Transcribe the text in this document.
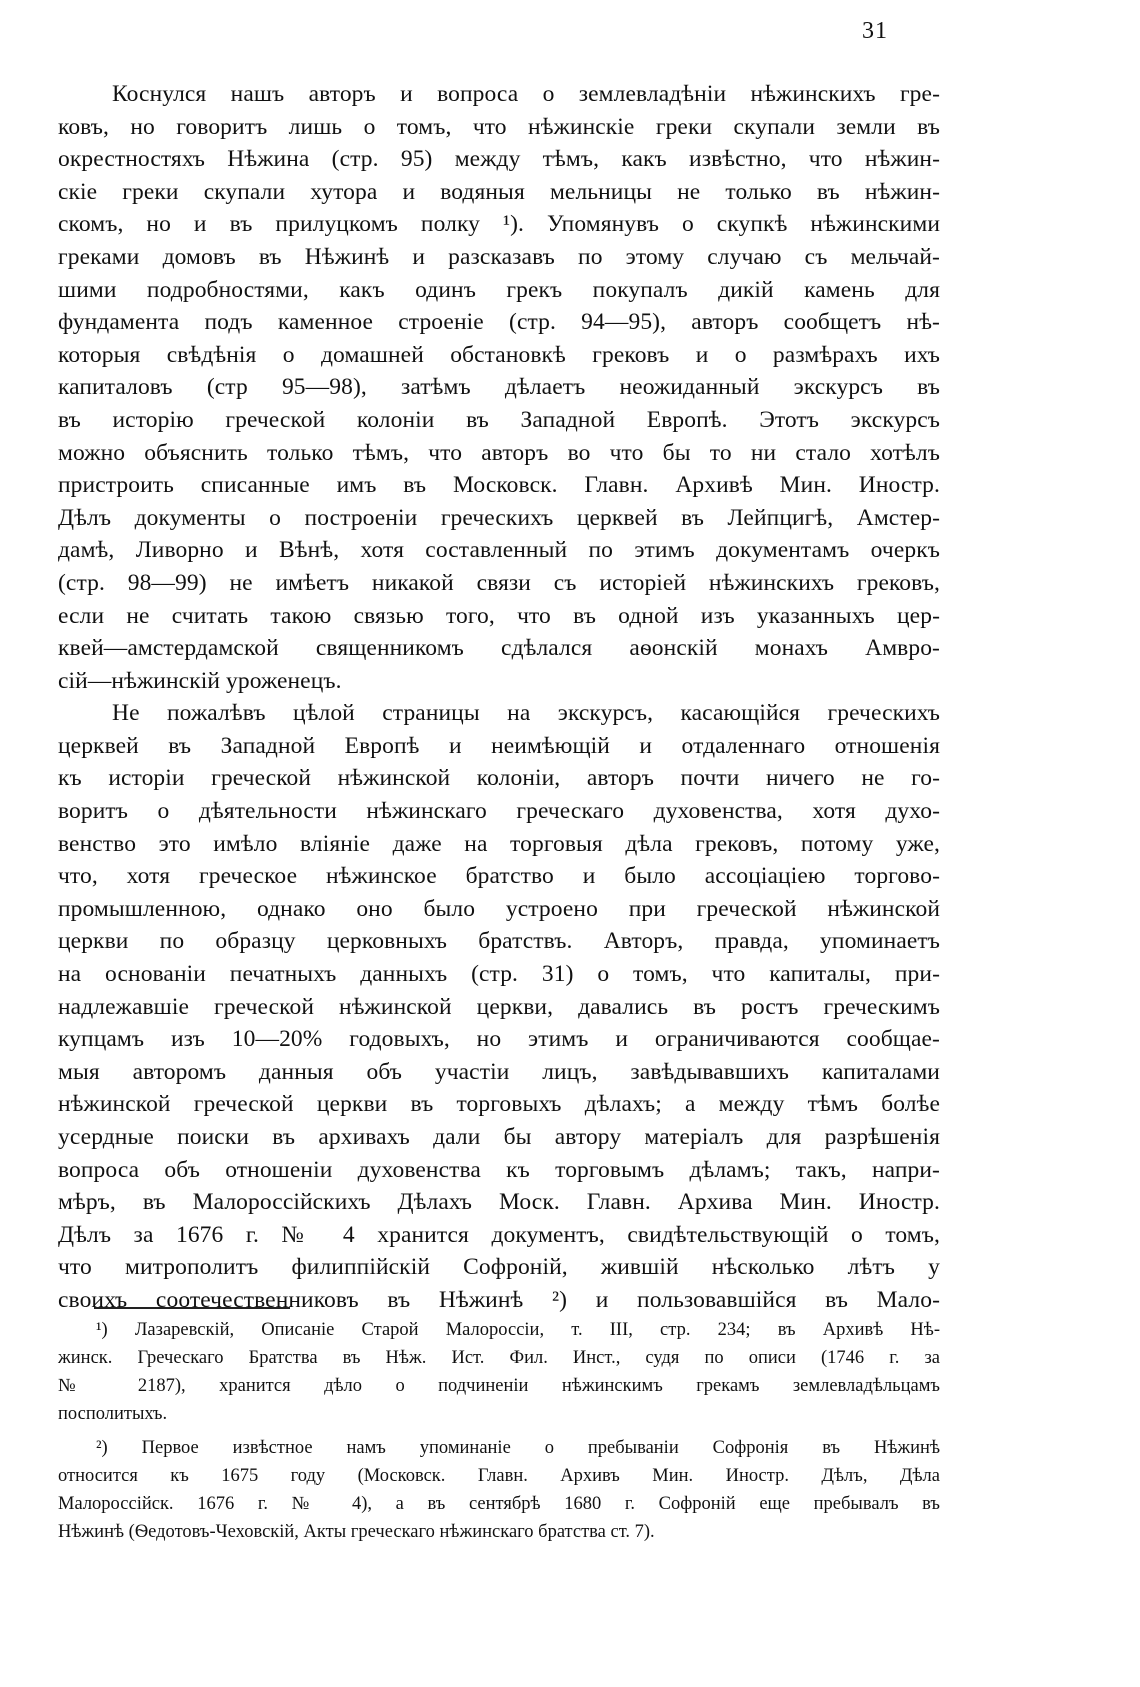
31
Коснулся нашъ авторъ и вопроса о землевладѣніи нѣжинскихъ гре-
ковъ, но говоритъ лишь о томъ, что нѣжинскіе греки скупали земли въ
окрестностяхъ Нѣжина (стр. 95) между тѣмъ, какъ извѣстно, что нѣжин-
скіе греки скупали хутора и водяныя мельницы не только въ нѣжин-
скомъ, но и въ прилуцкомъ полку ¹). Упомянувъ о скупкѣ нѣжинскими
греками домовъ въ Нѣжинѣ и разсказавъ по этому случаю съ мельчай-
шими подробностями, какъ одинъ грекъ покупалъ дикій камень для
фундамента подъ каменное строеніе (стр. 94—95), авторъ сообщетъ нѣ-
которыя свѣдѣнія о домашней обстановкѣ грековъ и о размѣрахъ ихъ
капиталовъ (стр 95—98), затѣмъ дѣлаетъ неожиданный экскурсъ въ
въ исторію греческой колоніи въ Западной Европѣ. Этотъ экскурсъ
можно объяснить только тѣмъ, что авторъ во что бы то ни стало хотѣлъ
пристроить списанные имъ въ Московск. Главн. Архивѣ Мин. Иностр.
Дѣлъ документы о построеніи греческихъ церквей въ Лейпцигѣ, Амстер-
дамѣ, Ливорно и Вѣнѣ, хотя составленный по этимъ документамъ очеркъ
(стр. 98—99) не имѣетъ никакой связи съ исторіей нѣжинскихъ грековъ,
если не считать такою связью того, что въ одной изъ указанныхъ цер-
квей—амстердамской священникомъ сдѣлался аѳонскій монахъ Амвро-
сій—нѣжинскій уроженецъ.
Не пожалѣвъ цѣлой страницы на экскурсъ, касающійся греческихъ
церквей въ Западной Европѣ и неимѣющій и отдаленнаго отношенія
къ исторіи греческой нѣжинской колоніи, авторъ почти ничего не го-
воритъ о дѣятельности нѣжинскаго греческаго духовенства, хотя духо-
венство это имѣло вліяніе даже на торговыя дѣла грековъ, потому уже,
что, хотя греческое нѣжинское братство и было ассоціаціею торгово-
промышленною, однако оно было устроено при греческой нѣжинской
церкви по образцу церковныхъ братствъ. Авторъ, правда, упоминаетъ
на основаніи печатныхъ данныхъ (стр. 31) о томъ, что капиталы, при-
надлежавшіе греческой нѣжинской церкви, давались въ ростъ греческимъ
купцамъ изъ 10—20% годовыхъ, но этимъ и ограничиваются сообщае-
мыя авторомъ данныя объ участіи лицъ, завѣдывавшихъ капиталами
нѣжинской греческой церкви въ торговыхъ дѣлахъ; а между тѣмъ болѣе
усердные поиски въ архивахъ дали бы автору матеріалъ для разрѣшенія
вопроса объ отношеніи духовенства къ торговымъ дѣламъ; такъ, напри-
мѣръ, въ Малороссійскихъ Дѣлахъ Моск. Главн. Архива Мин. Иностр.
Дѣлъ за 1676 г. № 4 хранится документъ, свидѣтельствующій о томъ,
что митрополитъ филиппійскій Софроній, жившій нѣсколько лѣтъ у
своихъ соотечественниковъ въ Нѣжинѣ ²) и пользовавшійся въ Мало-
¹) Лазаревскій, Описаніе Старой Малороссіи, т. III, стр. 234; въ Архивѣ Нѣ-
жинск. Греческаго Братства въ Нѣж. Ист. Фил. Инст., судя по описи (1746 г. за
№ 2187), хранится дѣло о подчиненіи нѣжинскимъ грекамъ землевладѣльцамъ
посполитыхъ.
²) Первое извѣстное намъ упоминаніе о пребываніи Софронія въ Нѣжинѣ
относится къ 1675 году (Московск. Главн. Архивъ Мин. Иностр. Дѣлъ, Дѣла
Малороссійск. 1676 г. № 4), а въ сентябрѣ 1680 г. Софроній еще пребывалъ въ
Нѣжинѣ (Ѳедотовъ-Чеховскій, Акты греческаго нѣжинскаго братства ст. 7).
